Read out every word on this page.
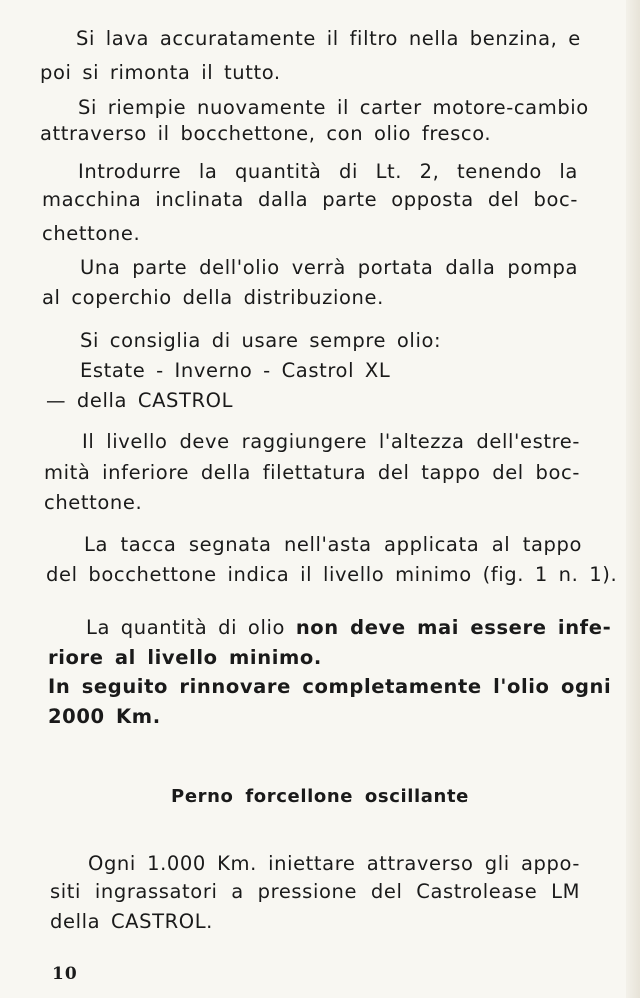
Si lava accuratamente il filtro nella benzina, e
poi si rimonta il tutto.
Si riempie nuovamente il carter motore-cambio
attraverso il bocchettone, con olio fresco.
Introdurre la quantità di Lt. 2, tenendo la
macchina inclinata dalla parte opposta del boc-
chettone.
Una parte dell'olio verrà portata dalla pompa
al coperchio della distribuzione.
Si consiglia di usare sempre olio:
Estate - Inverno - Castrol XL
— della CASTROL
Il livello deve raggiungere l'altezza dell'estre-
mità inferiore della filettatura del tappo del boc-
chettone.
La tacca segnata nell'asta applicata al tappo
del bocchettone indica il livello minimo (fig. 1 n. 1).
La quantità di olio non deve mai essere infe-
riore al livello minimo.
In seguito rinnovare completamente l'olio ogni
2000 Km.
Perno forcellone oscillante
Ogni 1.000 Km. iniettare attraverso gli appo-
siti ingrassatori a pressione del Castrolease LM
della CASTROL.
10
